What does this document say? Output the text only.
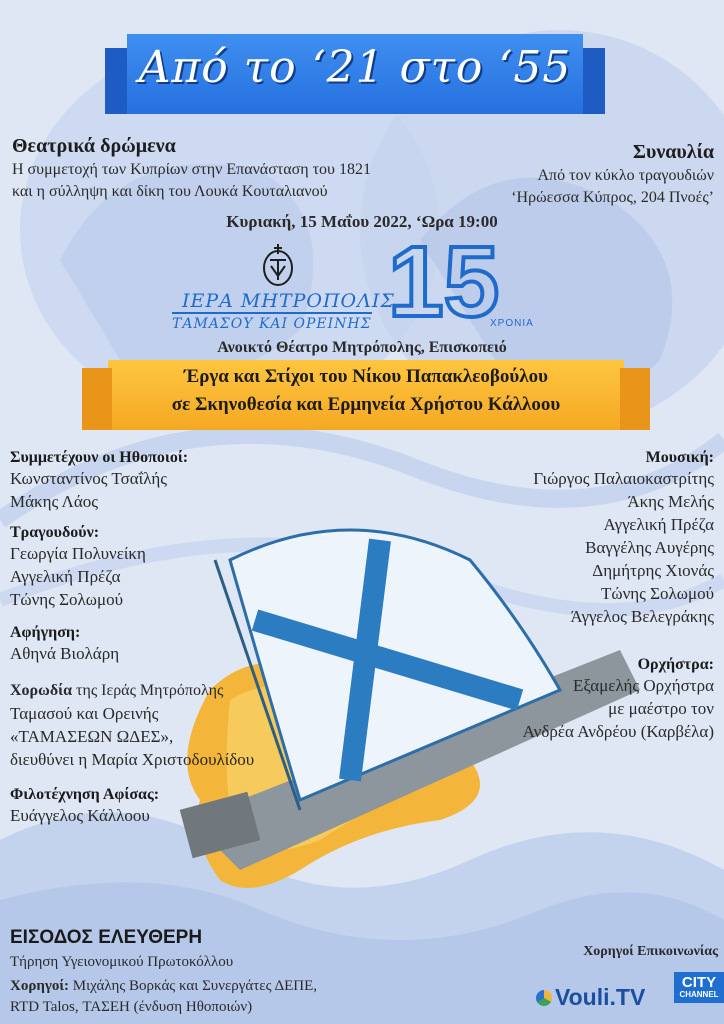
Από το ‘21 στο ‘55
Θεατρικά δρώμενα
Η συμμετοχή των Κυπρίων στην Επανάσταση του 1821
και η σύλληψη και δίκη του Λουκά Κουταλιανού
Συναυλία
Από τον κύκλο τραγουδιών
‘Ηρώεσσα Κύπρος, 204 Πνοές’
Κυριακή, 15 Μαΐου 2022, ‘Ωρα 19:00
ΙΕΡΑ ΜΗΤΡΟΠΟΛΙΣ
ΤΑΜΑΣΟΥ ΚΑΙ ΟΡΕΙΝΗΣ 15
ΧΡΟΝΙΑ
Ανοικτό Θέατρο Μητρόπολης, Επισκοπειό
Έργα και Στίχοι του Νίκου Παπακλεοβούλου
σε Σκηνοθεσία και Ερμηνεία Χρήστου Κάλλοου
Συμμετέχουν οι Ηθοποιοί:
Κωνσταντίνος Τσαΐλής
Μάκης Λάος
Τραγουδούν:
Γεωργία Πολυνείκη
Αγγελική Πρέζα
Τώνης Σολωμού
Αφήγηση:
Αθηνά Βιολάρη
Χορωδία της Ιεράς Μητρόπολης
Ταμασού και Ορεινής
«ΤΑΜΑΣΕΩΝ ΩΔΕΣ»,
διευθύνει η Μαρία Χριστοδουλίδου
Φιλοτέχνηση Αφίσας:
Ευάγγελος Κάλλοου
Μουσική:
Γιώργος Παλαιοκαστρίτης
Άκης Μελής
Αγγελική Πρέζα
Βαγγέλης Αυγέρης
Δημήτρης Χιονάς
Τώνης Σολωμού
Άγγελος Βελεγράκης
Ορχήστρα:
Εξαμελής Ορχήστρα
με μαέστρο τον
Ανδρέα Ανδρέου (Καρβέλα)
ΕΙΣΟΔΟΣ ΕΛΕΥΘΕΡΗ
Τήρηση Υγειονομικού Πρωτοκόλλου
Χορηγοί: Μιχάλης Βορκάς και Συνεργάτες ΔΕΠΕ,
RTD Talos, ΤΑΣΕΗ (ένδυση Ηθοποιών)
Χορηγοί Επικοινωνίας
Vouli.TV
CITY
CHANNEL
